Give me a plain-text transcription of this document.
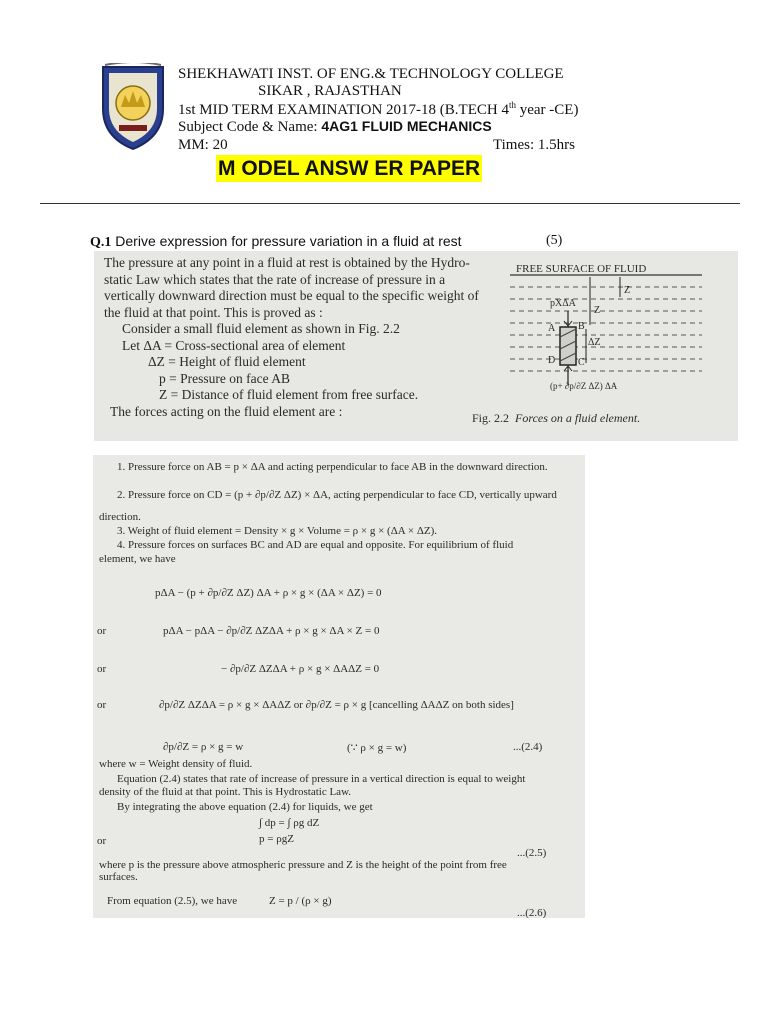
SHEKHAWATI INST. OF ENG.& TECHNOLOGY COLLEGE
SIKAR , RAJASTHAN
1st MID TERM EXAMINATION 2017-18 (B.TECH 4th year -CE)
Subject Code & Name: 4AG1 FLUID MECHANICS
MM: 20	Times: 1.5hrs
M ODEL ANSW ER PAPER
Q.1 Derive expression for pressure variation in a fluid at rest	(5)
The pressure at any point in a fluid at rest is obtained by the Hydro-
static Law which states that the rate of increase of pressure in a
vertically downward direction must be equal to the specific weight of
the fluid at that point. This is proved as :
Consider a small fluid element as shown in Fig. 2.2
Let ΔA = Cross-sectional area of element
ΔZ = Height of fluid element
p = Pressure on face AB
Z = Distance of fluid element from free surface.
The forces acting on the fluid element are :
FREE SURFACE OF FLUID
pXΔA
Z
Z
A B
ΔZ
D C
(p+ ∂p/∂Z ΔZ) ΔA
Fig. 2.2 Forces on a fluid element.
1. Pressure force on AB = p × ΔA and acting perpendicular to face AB in the downward direction.
2. Pressure force on CD = (p + ∂p/∂Z ΔZ) × ΔA, acting perpendicular to face CD, vertically upward
direction.
3. Weight of fluid element = Density × g × Volume = ρ × g × (ΔA × ΔZ).
4. Pressure forces on surfaces BC and AD are equal and opposite. For equilibrium of fluid
element, we have
pΔA − (p + ∂p/∂Z ΔZ) ΔA + ρ × g × (ΔA × ΔZ) = 0
or	pΔA − pΔA − ∂p/∂Z ΔZΔA + ρ × g × ΔA × Z = 0
or	− ∂p/∂Z ΔZΔA + ρ × g × ΔAΔZ = 0
or	∂p/∂Z ΔZΔA = ρ × g × ΔAΔZ or ∂p/∂Z = ρ × g [cancelling ΔAΔZ on both sides]
∂p/∂Z = ρ × g = w	(∵ ρ × g = w)	...(2.4)
where w = Weight density of fluid.
Equation (2.4) states that rate of increase of pressure in a vertical direction is equal to weight
density of the fluid at that point. This is Hydrostatic Law.
By integrating the above equation (2.4) for liquids, we get
∫ dp = ∫ ρg dZ
or	p = ρgZ
...(2.5)
where p is the pressure above atmospheric pressure and Z is the height of the point from free
surfaces.
From equation (2.5), we have	Z = p / (ρ × g)
...(2.6)
